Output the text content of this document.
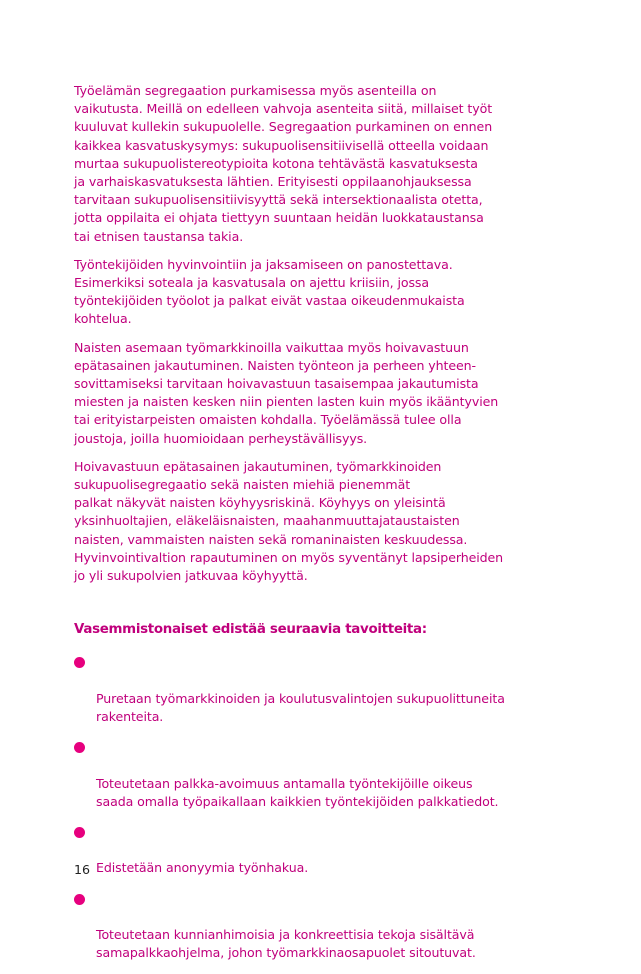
Työelämän segregaation purkamisessa myös asenteilla on
vaikutusta. Meillä on edelleen vahvoja asenteita siitä, millaiset työt
kuuluvat kullekin sukupuolelle. Segregaation purkaminen on ennen
kaikkea kasvatuskysymys: sukupuolisensitiivisellä otteella voidaan
murtaa sukupuolistereotypioita kotona tehtävästä kasvatuksesta
ja varhaiskasvatuksesta lähtien. Erityisesti oppilaanohjauksessa
tarvitaan sukupuolisensitiivisyyttä sekä intersektionaalista otetta,
jotta oppilaita ei ohjata tiettyyn suuntaan heidän luokkataustansa
tai etnisen taustansa takia.

Työntekijöiden hyvinvointiin ja jaksamiseen on panostettava.
Esimerkiksi soteala ja kasvatusala on ajettu kriisiin, jossa
työntekijöiden työolot ja palkat eivät vastaa oikeudenmukaista
kohtelua.

Naisten asemaan työmarkkinoilla vaikuttaa myös hoivavastuun
epätasainen jakautuminen. Naisten työnteon ja perheen yhteen-
sovittamiseksi tarvitaan hoivavastuun tasaisempaa jakautumista
miesten ja naisten kesken niin pienten lasten kuin myös ikääntyvien
tai erityistarpeisten omaisten kohdalla. Työelämässä tulee olla
joustoja, joilla huomioidaan perheystävällisyys.

Hoivavastuun epätasainen jakautuminen, työmarkkinoiden
sukupuolisegregaatio sekä naisten miehiä pienemmät
palkat näkyvät naisten köyhyysriskinä. Köyhyys on yleisintä
yksinhuoltajien, eläkeläisnaisten, maahanmuuttajataustaisten
naisten, vammaisten naisten sekä romaninaisten keskuudessa.
Hyvinvointivaltion rapautuminen on myös syventänyt lapsiperheiden
jo yli sukupolvien jatkuvaa köyhyyttä.

Vasemmistonaiset edistää seuraavia tavoitteita:

Puretaan työmarkkinoiden ja koulutusvalintojen sukupuolittuneita
rakenteita.

Toteutetaan palkka-avoimuus antamalla työntekijöille oikeus
saada omalla työpaikallaan kaikkien työntekijöiden palkkatiedot.

Edistetään anonyymia työnhakua.

Toteutetaan kunnianhimoisia ja konkreettisia tekoja sisältävä
samapalkkaohjelma, johon työmarkkinaosapuolet sitoutuvat.

16
